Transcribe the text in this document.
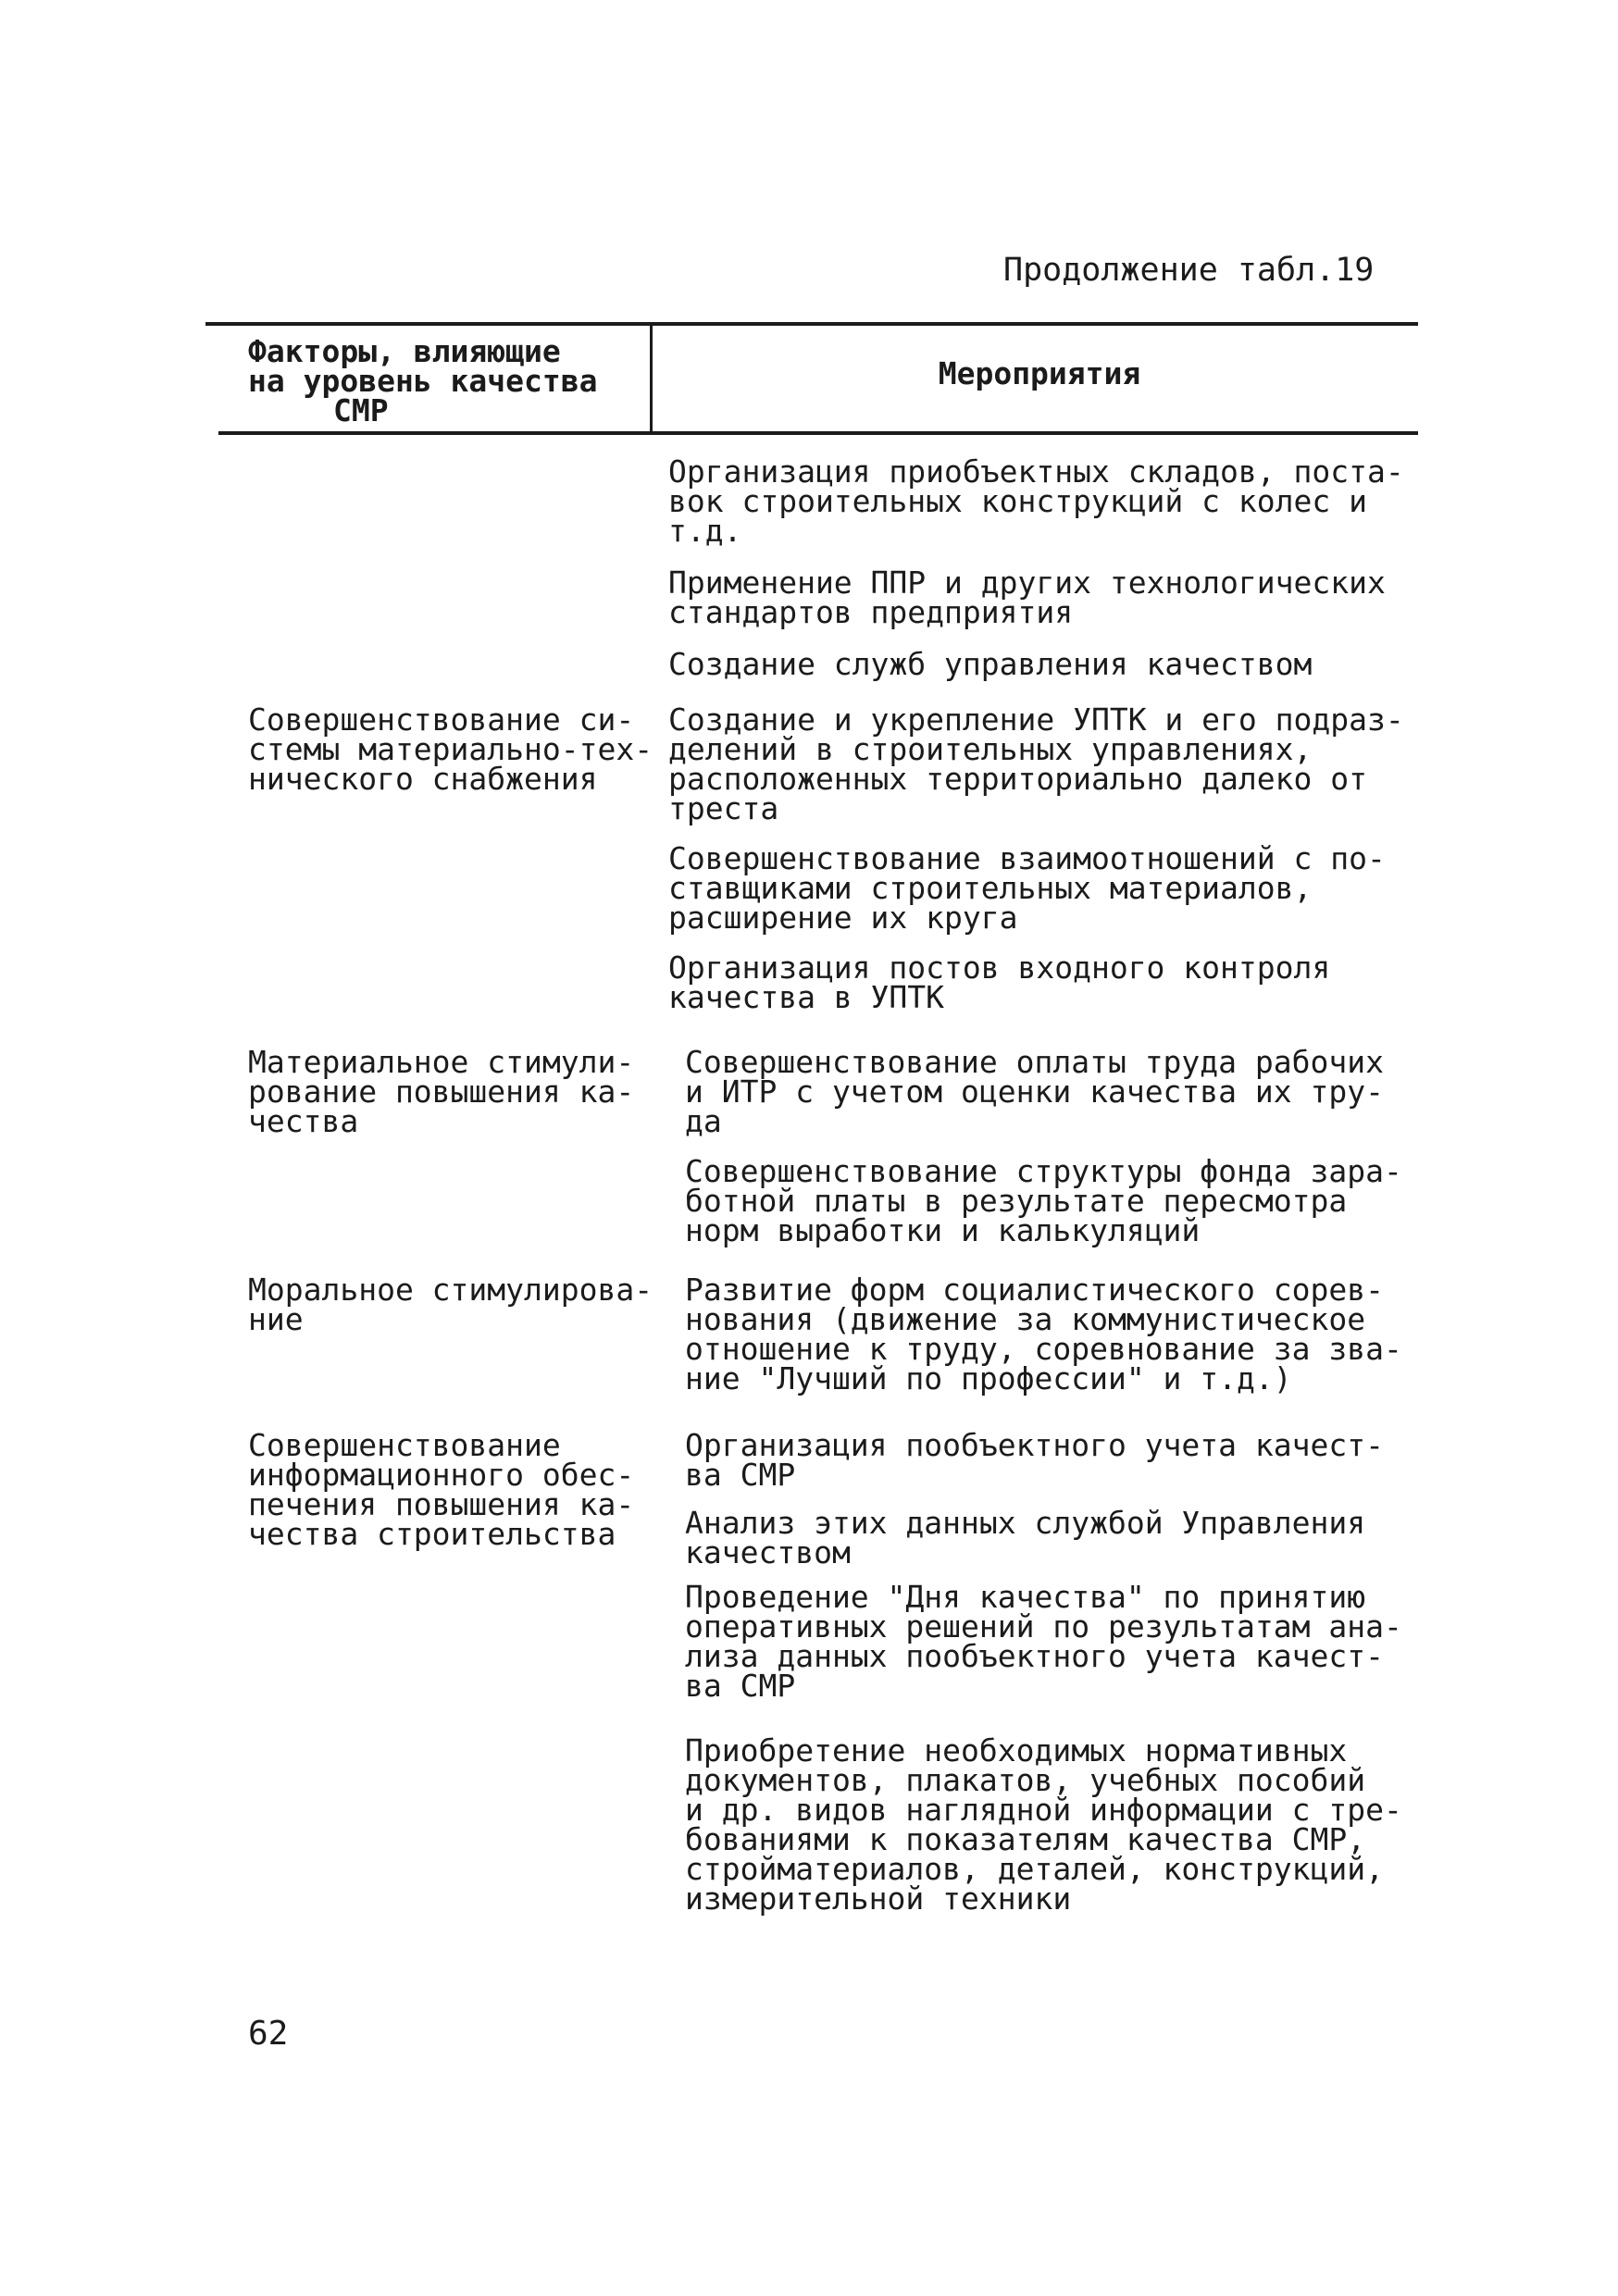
Продолжение табл.19
Факторы, влияющие
на уровень качества
СМР
Мероприятия
Организация приобъектных складов, поста-
вок строительных конструкций с колес и
т.д.
Применение ППР и других технологических
стандартов предприятия
Создание служб управления качеством
Совершенствование си-
стемы материально-тех-
нического снабжения
Создание и укрепление УПТК и его подраз-
делений в строительных управлениях,
расположенных территориально далеко от
треста
Совершенствование взаимоотношений с по-
ставщиками строительных материалов,
расширение их круга
Организация постов входного контроля
качества в УПТК
Материальное стимули-
рование повышения ка-
чества
Совершенствование оплаты труда рабочих
и ИТР с учетом оценки качества их тру-
да
Совершенствование структуры фонда зара-
ботной платы в результате пересмотра
норм выработки и калькуляций
Моральное стимулирова-
ние
Развитие форм социалистического сорев-
нования (движение за коммунистическое
отношение к труду, соревнование за зва-
ние "Лучший по профессии" и т.д.)
Совершенствование
информационного обес-
печения повышения ка-
чества строительства
Организация пообъектного учета качест-
ва СМР
Анализ этих данных службой Управления
качеством
Проведение "Дня качества" по принятию
оперативных решений по результатам ана-
лиза данных пообъектного учета качест-
ва СМР
Приобретение необходимых нормативных
документов, плакатов, учебных пособий
и др. видов наглядной информации с тре-
бованиями к показателям качества СМР,
стройматериалов, деталей, конструкций,
измерительной техники
62
